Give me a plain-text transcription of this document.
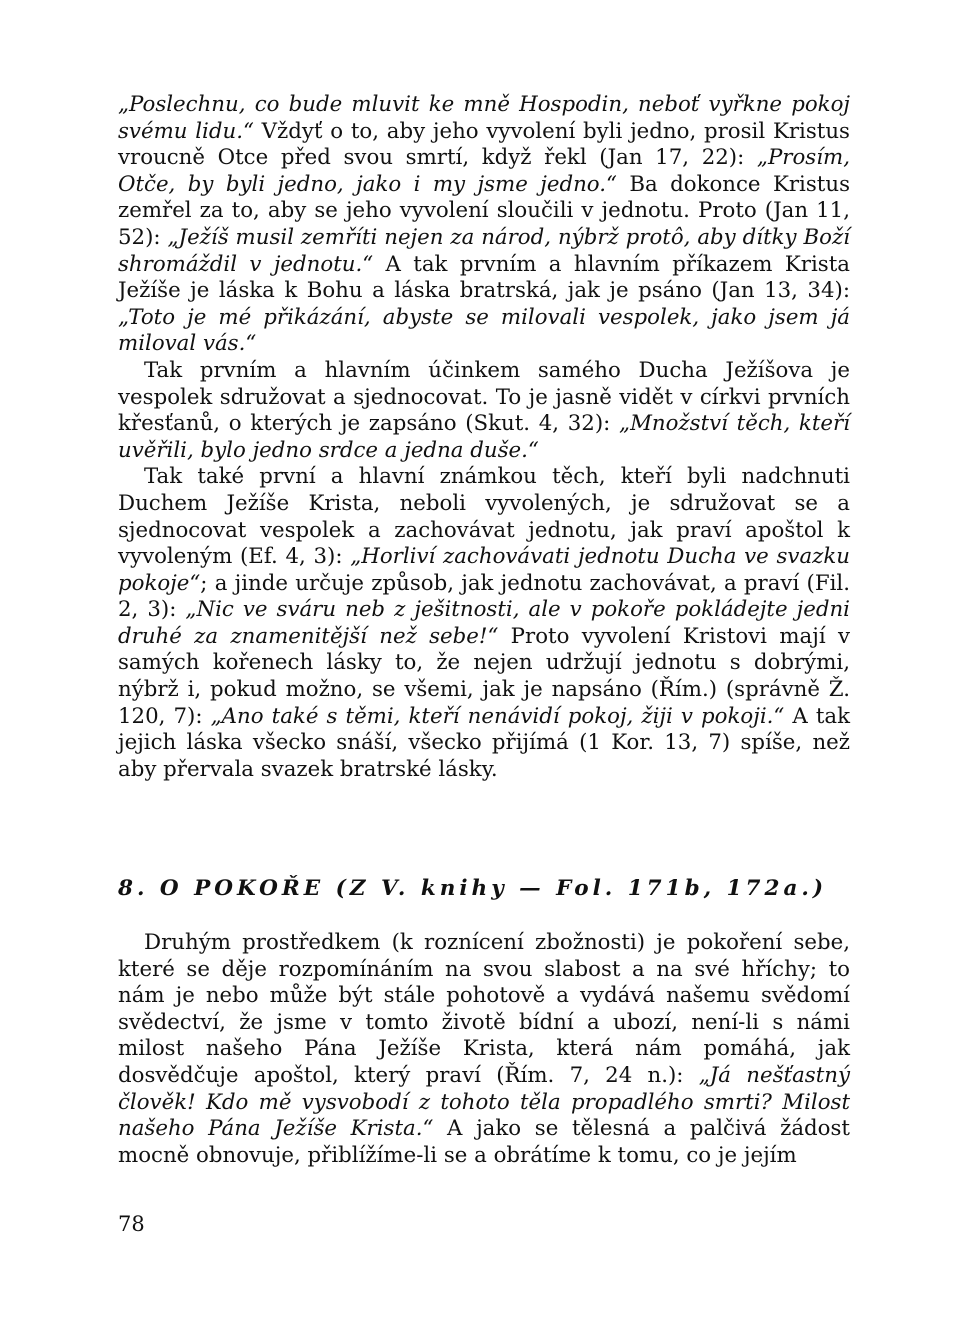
„Poslechnu, co bude mluvit ke mně Hospodin, neboť vyřkne pokoj svému lidu.“ Vždyť o to, aby jeho vyvolení byli jedno, prosil Kristus vroucně Otce před svou smrtí, když řekl (Jan 17, 22): „Prosím, Otče, by byli jedno, jako i my jsme jedno.“ Ba dokonce Kristus zemřel za to, aby se jeho vyvolení sloučili v jednotu. Proto (Jan 11, 52): „Ježíš musil zemříti nejen za národ, nýbrž protô, aby dítky Boží shromáždil v jednotu.“ A tak prvním a hlavním příkazem Krista Ježíše je láska k Bohu a láska bratrská, jak je psáno (Jan 13, 34): „Toto je mé přikázání, abyste se milovali vespolek, jako jsem já miloval vás.“

Tak prvním a hlavním účinkem samého Ducha Ježíšova je vespolek sdružovat a sjednocovat. To je jasně vidět v církvi prvních křesťanů, o kterých je zapsáno (Skut. 4, 32): „Množství těch, kteří uvěřili, bylo jedno srdce a jedna duše.“

Tak také první a hlavní známkou těch, kteří byli nadchnuti Duchem Ježíše Krista, neboli vyvolených, je sdružovat se a sjednocovat vespolek a zachovávat jednotu, jak praví apoštol k vyvoleným (Ef. 4, 3): „Horliví zachovávati jednotu Ducha ve svazku pokoje“; a jinde určuje způsob, jak jednotu zachovávat, a praví (Fil. 2, 3): „Nic ve sváru neb z ješitnosti, ale v pokoře pokládejte jedni druhé za znamenitější než sebe!“ Proto vyvolení Kristovi mají v samých kořenech lásky to, že nejen udržují jednotu s dobrými, nýbrž i, pokud možno, se všemi, jak je napsáno (Řím.) (správně Ž. 120, 7): „Ano také s těmi, kteří nenávidí pokoj, žiji v pokoji.“ A tak jejich láska všecko snáší, všecko přijímá (1 Kor. 13, 7) spíše, než aby přervala svazek bratrské lásky.

8. O POKOŘE (Z V. knihy — Fol. 171b, 172a.)

Druhým prostředkem (k roznícení zbožnosti) je pokoření sebe, které se děje rozpomínáním na svou slabost a na své hříchy; to nám je nebo může být stále pohotově a vydává našemu svědomí svědectví, že jsme v tomto životě bídní a ubozí, není-li s námi milost našeho Pána Ježíše Krista, která nám pomáhá, jak dosvědčuje apoštol, který praví (Řím. 7, 24 n.): „Já nešťastný člověk! Kdo mě vysvobodí z tohoto těla propadlého smrti? Milost našeho Pána Ježíše Krista.“ A jako se tělesná a palčivá žádost mocně obnovuje, přiblížíme-li se a obrátíme k tomu, co je jejím

78
